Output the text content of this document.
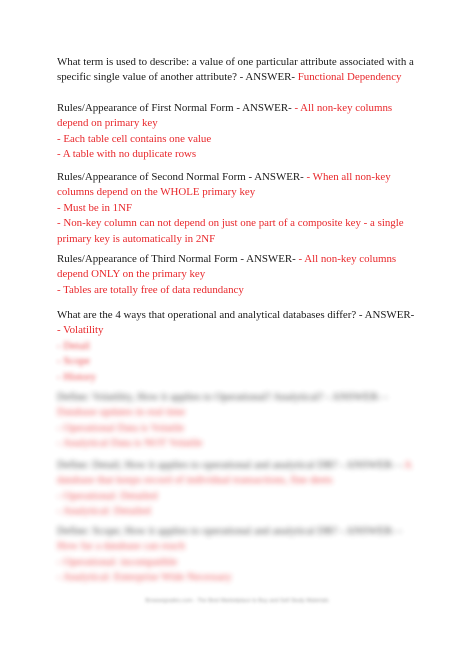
What term is used to describe: a value of one particular attribute associated with a
specific single value of another attribute? - ANSWER- Functional Dependency
Rules/Appearance of First Normal Form - ANSWER- - All non-key columns
depend on primary key
- Each table cell contains one value
- A table with no duplicate rows
Rules/Appearance of Second Normal Form - ANSWER- - When all non-key
columns depend on the WHOLE primary key
- Must be in 1NF
- Non-key column can not depend on just one part of a composite key - a single
primary key is automatically in 2NF
Rules/Appearance of Third Normal Form - ANSWER- - All non-key columns
depend ONLY on the primary key
- Tables are totally free of data redundancy
What are the 4 ways that operational and analytical databases differ? - ANSWER-
- Volatility
- Detail
- Scope
- History
Define: Volatility, How it applies to Operational? Analytical? - ANSWER- -
Database updates in real time
- Operational Data is Volatile
- Analytical Data is NOT Volatile
Define: Detail; How it applies to operational and analytical DB? - ANSWER- - A
database that keeps record of individual transactions, fine deets
- Operational: Detailed
- Analytical: Detailed
Define: Scope; How it applies to operational and analytical DB? - ANSWER- -
How far a database can reach
- Operational: incompatible
- Analytical: Enterprise Wide Necessary
Browsegrades.com - The Best Marketplace to Buy and Sell Study Materials
